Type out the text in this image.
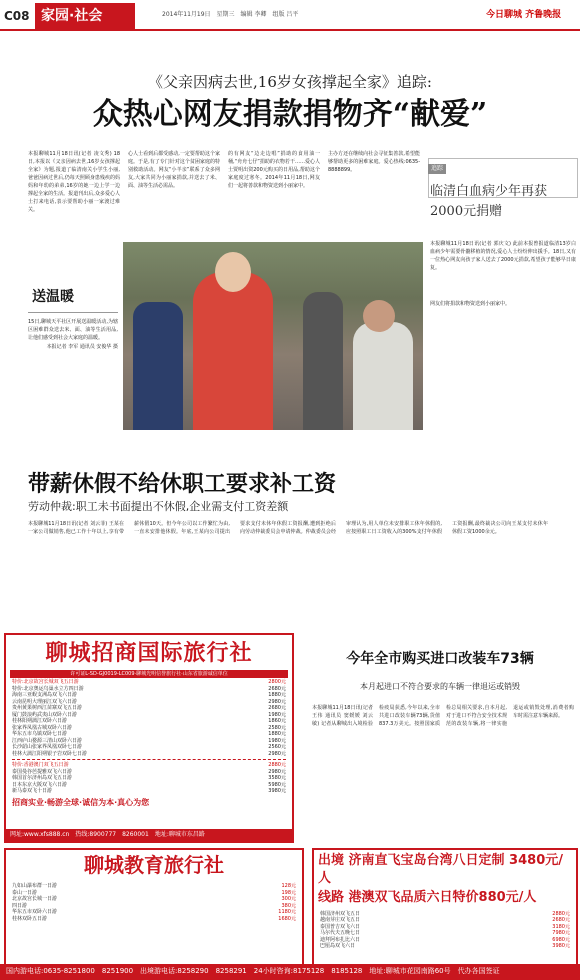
C08 家园·社会	2014年11月19日　星期三　编辑 李卿　组版 吕平	今日聊城 齐鲁晚报
《父亲因病去世,16岁女孩撑起全家》追踪:
众热心网友捐款捐物齐“献爱”

本报聊城11月18日讯(记者 凌文秀) 18日,本报以《父亲因病去世,16岁女孩撑起全家》为题,报道了临清南关小学生小丽,爸爸因病过世后,仍每天照顾身患残疾的妈妈和年幼的弟弟,16岁的她一边上学一边撑起全家的生活。报道刊出后,众多爱心人士打来电话,表示要帮助小丽一家渡过难关。

心人士看到后都受感动,一定要帮助这个家庭。于是,有了专门针对这个贫困家庭的特别救助活动。网友“小羊亲”联系了众多网友,大家共同为小丽家捐款,并送去了米、面、油等生活必需品。

的有网友“边走边唱”捐助的食用油一桶,“舟舟七仔”捐助的衣物若干……爱心人士贾明出资200元购买的日用品,帮助这个家庭度过寒冬。2014年11月18日,网友们一起将善款和物资送到小丽家中。

主办方还在继续向社会寻征集善款,希望能够帮助更多的困难家庭。爱心热线:0635-8888899。	追踪
临清白血病少年再获2000元捐赠

本报聊城11月18日讯(记者 郭庆文) 此前本报曾报道临清13岁白血病少年需要骨髓移植的情况,爱心人士纷纷伸出援手。18日,又有一位热心网友向孩子家人送去了2000元捐款,希望孩子能够早日康复。

送温暖

15日,聊城天平社区开展送温暖活动,为辖区困难群众送去米、面、油等生活用品,让他们感受到社会大家庭的温暖。

本报记者 李军 通讯员 安俊华 摄

网友们将捐款和物资送到小丽家中。

带薪休假不给休职工要求补工资
劳动仲裁:职工未书面提出不休假,企业需支付工资差额

本报聊城11月18日讯(记者 刘云菲) 王某在一家公司做销售,他已工作十年以上,享有带薪休假10天。但今年公司以工作繁忙为由,一直未安排他休假。年底,王某向公司提出要求支付未休年休假工资报酬,遭到拒绝后向劳动仲裁委员会申请仲裁。仲裁委员会经审理认为,用人单位未安排职工休年休假的,应按照职工日工资收入的300%支付年休假工资报酬,最终裁决公司向王某支付未休年休假工资1000余元。

聊城招商国际旅行社
许可证L-SD-GJ0019-LC009·聊城光明信誉旅行社·山东省旅游诚信单位
特价:北京故宫长城双飞五日游	2800元
特价:北京奥运鸟巢水立方四日游	2680元
海南三亚蜈支洲岛双飞六日游	1880元
云南昆明大理丽江双飞六日游	2980元
贵州黄果树西江苗寨双飞五日游	2680元
厦门鼓浪屿武夷山双卧六日游	1980元
桂林阳朔漓江双卧六日游	1860元
张家界凤凰古城双卧六日游	2580元
华东五市乌镇双卧七日游	1880元
江西庐山婺源三清山双卧六日游	1980元
长沙韶山张家界凤凰双卧七日游	2560元
桂林大漓江阳朔银子岩双卧七日游	2980元
特价:香港澳门双飞五日游	2880元
泰国曼谷芭提雅双飞六日游	2980元
韩国首尔济州岛双飞五日游	3580元
日本东京大阪双飞六日游	5980元
新马泰双飞十日游	3980元
招商实业·畅游全球·诚信为本·真心为您
网址:www.xfs888.cn　热线:8900777　8260001　地址:聊城市东昌路
今年全市购买进口改装车73辆
本月起进口不符合要求的车辆一律退运或销毁

本报聊城11月18日讯(记者 王伟 通讯员 窦媛媛 刘云敏) 记者从聊城出入境检验检疫局获悉,今年以来,全市共进口改装车辆73辆,货值837.3万美元。按照国家质检总局相关要求,自本月起,对于进口不符合安全技术规范的改装车辆,将一律实施退运或销毁处理,消费者购车时需注意车辆来源。

聊城教育旅行社
九如山瀑布群一日游	128元
泰山一日游	198元
北京故宫长城一日游	300元
四日游	380元
华东五市双卧六日游	1180元
桂林双卧五日游	1680元
出境 济南直飞宝岛台湾八日定制 3480元/人
线路 港澳双飞品质六日特价880元/人
韩国济州双飞五日	2880元
越南芽庄双飞五日	2680元
泰国普吉双飞六日	3180元
马尔代夫五晚七日	7980元
迪拜阿布扎比六日	6980元
巴厘岛双飞六日	3980元
国内游电话:0635-8251800　8251900　出境游电话:8258290　8258291　24小时咨询:8175128　8185128　地址:聊城市花园南路60号　代办各国签证
